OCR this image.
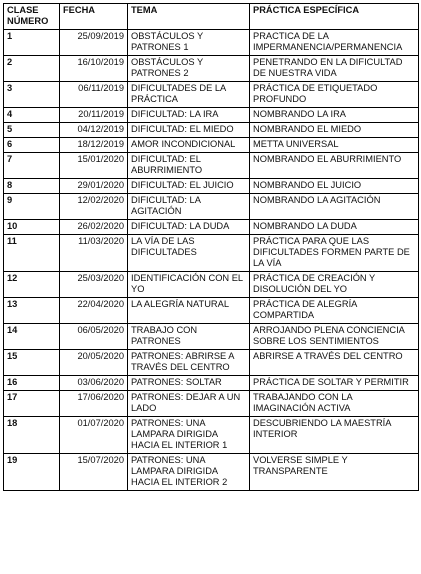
CLASE NÚMERO	FECHA	TEMA	PRÁCTICA ESPECÍFICA
1	25/09/2019	OBSTÁCULOS Y PATRONES 1	PRACTICA DE LA IMPERMANENCIA/PERMANENCIA
2	16/10/2019	OBSTÁCULOS Y PATRONES 2	PENETRANDO EN LA DIFICULTAD DE NUESTRA VIDA
3	06/11/2019	DIFICULTADES DE LA PRÁCTICA	PRÁCTICA DE ETIQUETADO PROFUNDO
4	20/11/2019	DIFICULTAD: LA IRA	NOMBRANDO LA IRA
5	04/12/2019	DIFICULTAD: EL MIEDO	NOMBRANDO EL MIEDO
6	18/12/2019	AMOR INCONDICIONAL	METTA UNIVERSAL
7	15/01/2020	DIFICULTAD: EL ABURRIMIENTO	NOMBRANDO EL ABURRIMIENTO
8	29/01/2020	DIFICULTAD: EL JUICIO	NOMBRANDO EL JUICIO
9	12/02/2020	DIFICULTAD: LA AGITACIÓN	NOMBRANDO LA AGITACIÓN
10	26/02/2020	DIFICULTAD: LA DUDA	NOMBRANDO LA DUDA
11	11/03/2020	LA VÍA DE LAS DIFICULTADES	PRÁCTICA PARA QUE LAS DIFICULTADES FORMEN PARTE DE LA VÍA
12	25/03/2020	IDENTIFICACIÓN CON EL YO	PRÁCTICA DE CREACIÓN Y DISOLUCIÓN DEL YO
13	22/04/2020	LA ALEGRÍA NATURAL	PRÁCTICA DE ALEGRÍA COMPARTIDA
14	06/05/2020	TRABAJO CON PATRONES	ARROJANDO PLENA CONCIENCIA SOBRE LOS SENTIMIENTOS
15	20/05/2020	PATRONES: ABRIRSE A TRAVÉS DEL CENTRO	ABRIRSE A TRAVÉS DEL CENTRO
16	03/06/2020	PATRONES: SOLTAR	PRÁCTICA DE SOLTAR Y PERMITIR
17	17/06/2020	PATRONES: DEJAR A UN LADO	TRABAJANDO CON LA IMAGINACIÓN ACTIVA
18	01/07/2020	PATRONES: UNA LAMPARA DIRIGIDA HACIA EL INTERIOR 1	DESCUBRIENDO LA MAESTRÍA INTERIOR
19	15/07/2020	PATRONES: UNA LAMPARA DIRIGIDA HACIA EL INTERIOR 2	VOLVERSE SIMPLE Y TRANSPARENTE
